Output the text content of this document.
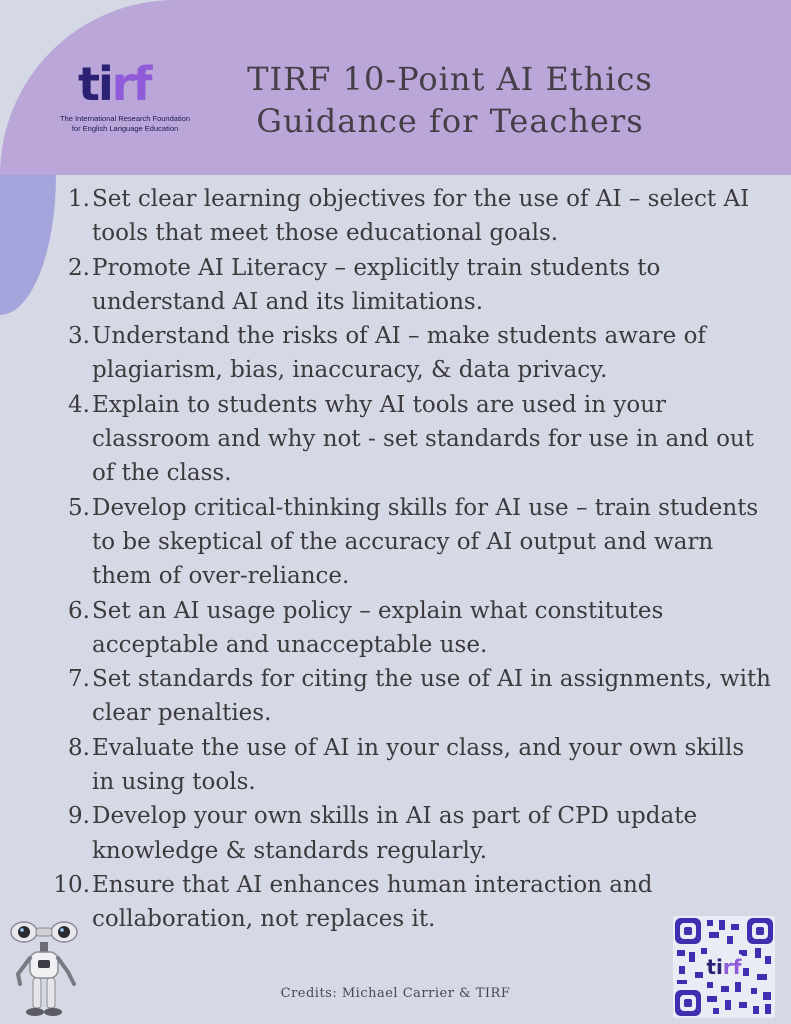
tirf
The International Research Foundation
for English Language Education
TIRF 10-Point AI Ethics
Guidance for Teachers
1. Set clear learning objectives for the use of AI – select AI tools that meet those educational goals.
2. Promote AI Literacy – explicitly train students to understand AI and its limitations.
3. Understand the risks of AI – make students aware of plagiarism, bias, inaccuracy, & data privacy.
4. Explain to students why AI tools are used in your classroom and why not - set standards for use in and out of the class.
5. Develop critical-thinking skills for AI use – train students to be skeptical of the accuracy of AI output and warn them of over-reliance.
6. Set an AI usage policy – explain what constitutes acceptable and unacceptable use.
7. Set standards for citing the use of AI in assignments, with clear penalties.
8. Evaluate the use of AI in your class, and your own skills in using tools.
9. Develop your own skills in AI as part of CPD update knowledge & standards regularly.
10. Ensure that AI enhances human interaction and collaboration, not replaces it.
Credits: Michael Carrier & TIRF
tirf
